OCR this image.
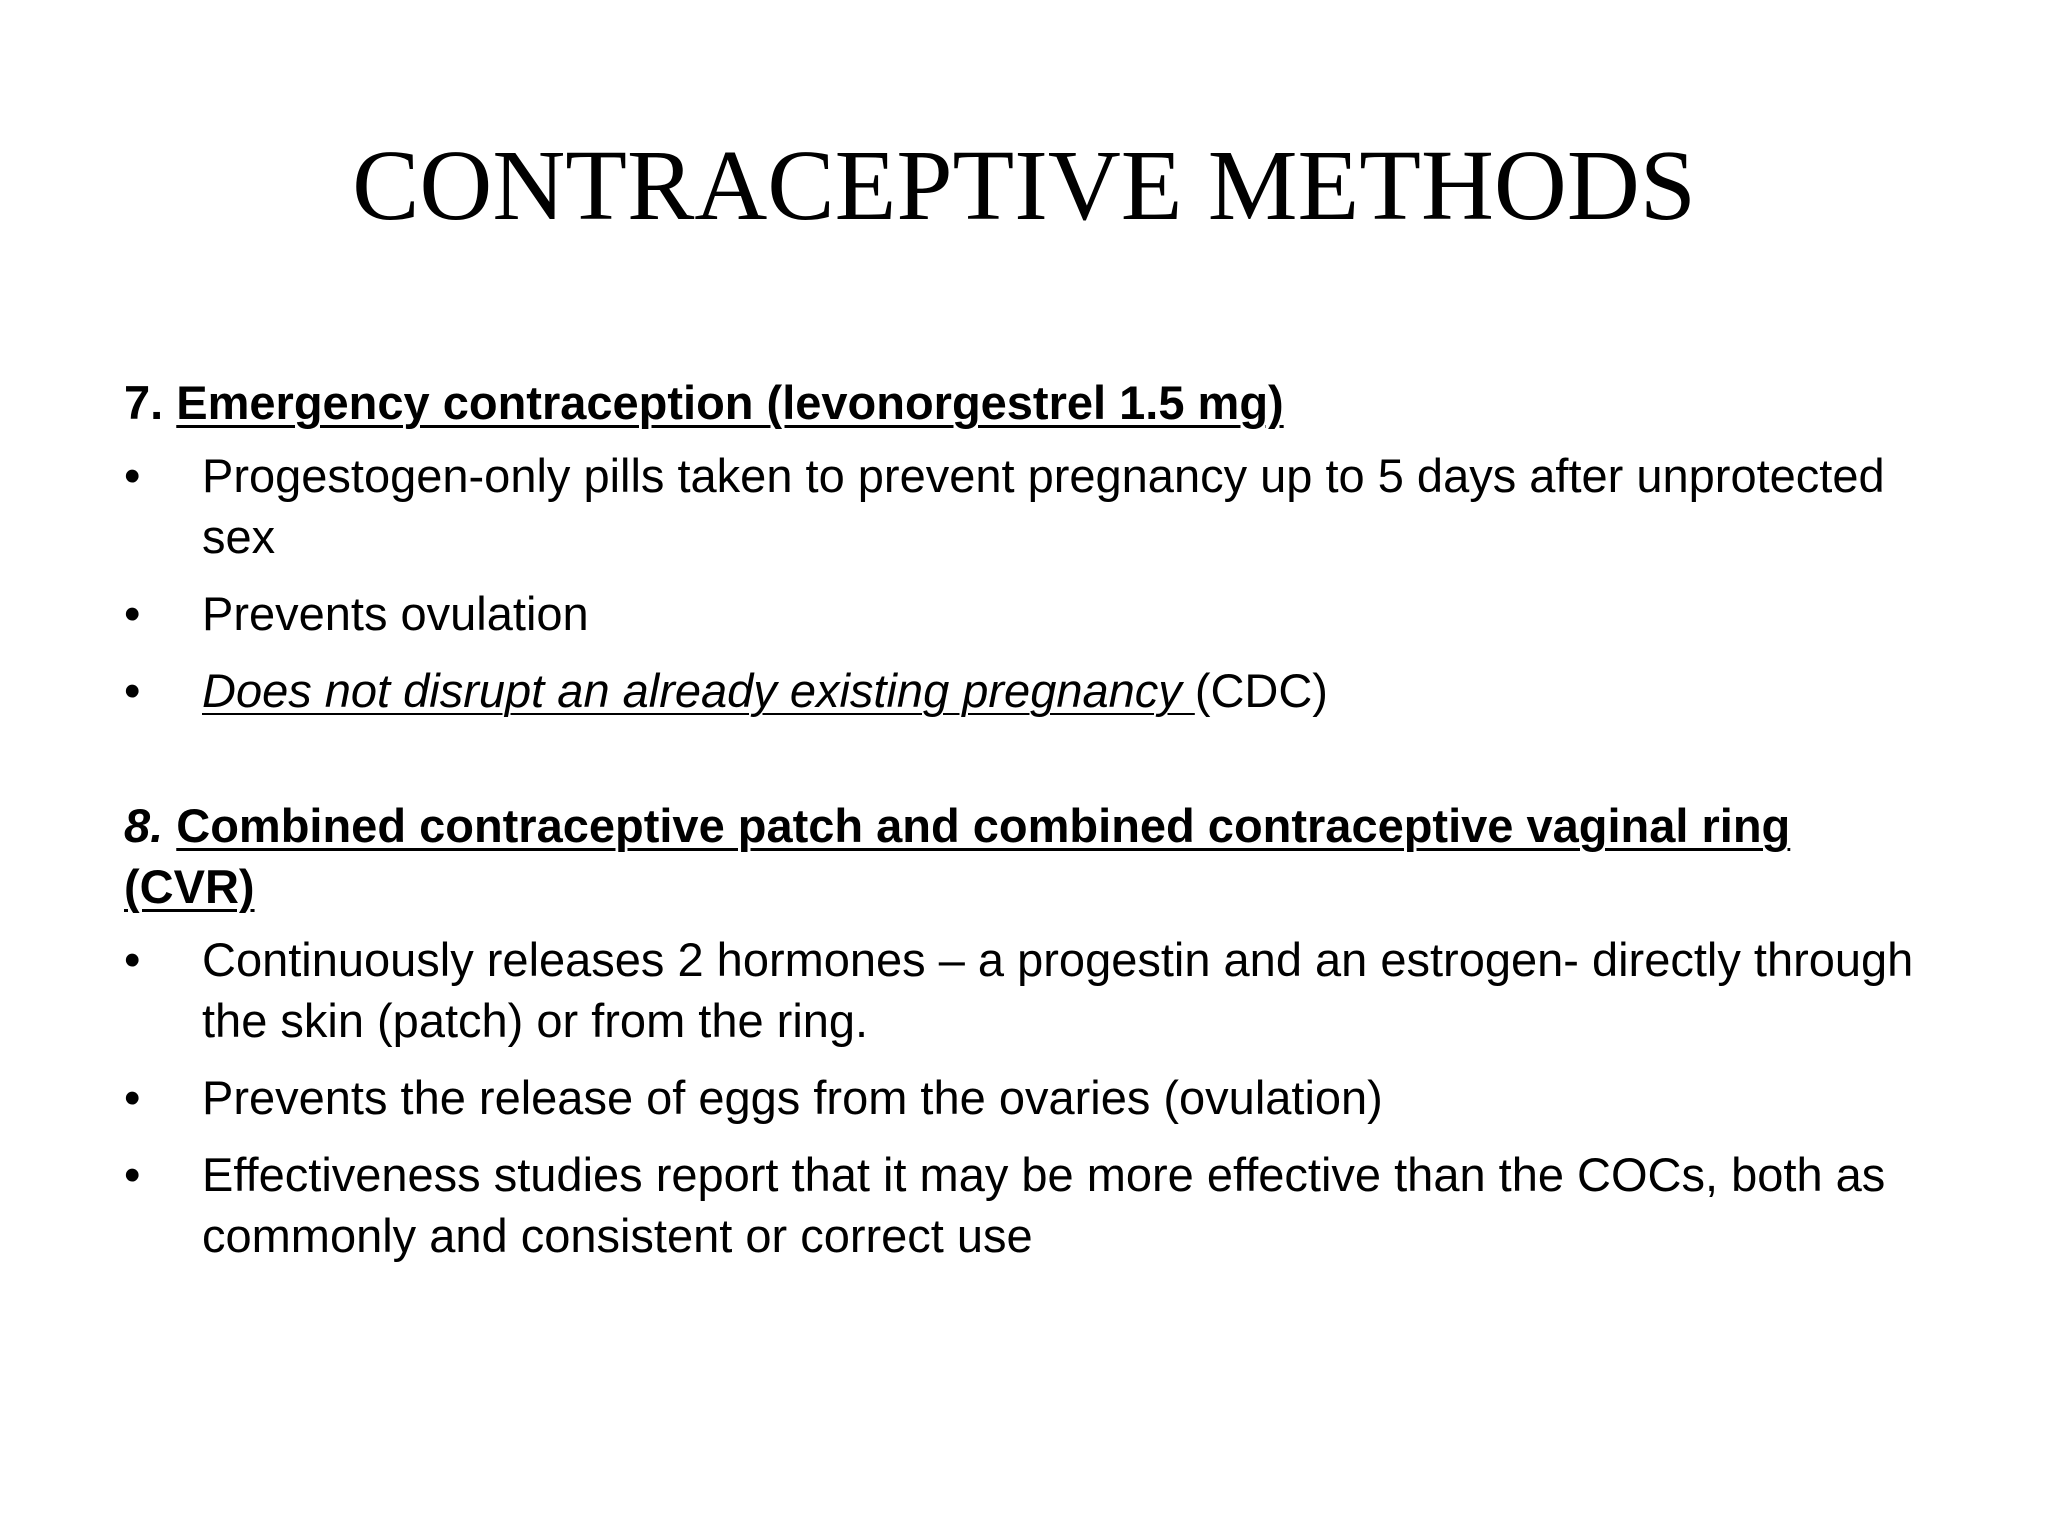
CONTRACEPTIVE METHODS

7. Emergency contraception (levonorgestrel 1.5 mg)

• Progestogen-only pills taken to prevent pregnancy up to 5 days after unprotected sex
• Prevents ovulation
• Does not disrupt an already existing pregnancy (CDC)

8. Combined contraceptive patch and combined contraceptive vaginal ring (CVR)

• Continuously releases 2 hormones – a progestin and an estrogen- directly through the skin (patch) or from the ring.
• Prevents the release of eggs from the ovaries (ovulation)
• Effectiveness studies report that it may be more effective than the COCs, both as commonly and consistent or correct use
